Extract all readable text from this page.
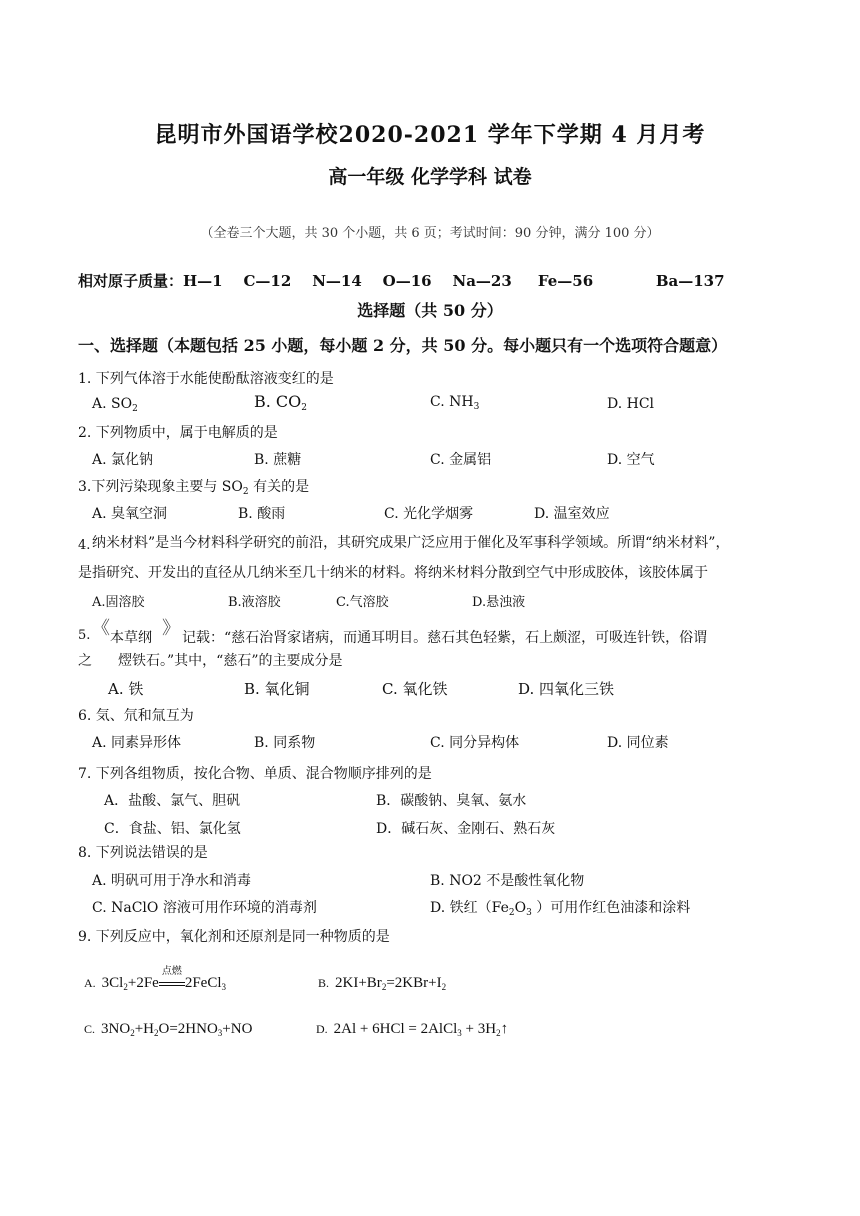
昆明市外国语学校2020-2021 学年下学期 4 月月考
高一年级 化学学科 试卷
（全卷三个大题，共 30 个小题，共 6 页；考试时间：90 分钟，满分 100 分）
相对原子质量：H—1    C—12    N—14    O—16    Na—23     Fe—56            Ba—137
选择题（共 50 分）
一、选择题（本题包括 25 小题，每小题 2 分，共 50 分。每小题只有一个选项符合题意）
1. 下列气体溶于水能使酚酞溶液变红的是
A. $SO_2$	B. $CO_2$	C. $NH_3$	D. HCl
2. 下列物质中，属于电解质的是
A. 氯化钠	B. 蔗糖	C. 金属铝	D. 空气
3.下列污染现象主要与 $SO_2$ 有关的是
A. 臭氧空洞	B. 酸雨	C. 光化学烟雾	D. 温室效应
4. 纳米材料”是当今材料科学研究的前沿，其研究成果广泛应用于催化及军事科学领域。所谓“纳米材料”，
是指研究、开发出的直径从几纳米至几十纳米的材料。将纳米材料分散到空气中形成胶体，该胶体属于
A.固溶胶	B.液溶胶	C.气溶胶	D.悬浊液
5. 《 本草纲 》 记载：“慈石治肾家诸病，而通耳明目。慈石其色轻紫，石上颇涩，可吸连针铁，俗谓
之 熤铁石。”其中，“慈石”的主要成分是
A. 铁	B. 氧化铜	C. 氧化铁	D. 四氧化三铁
6. 気、氘和氚互为
A. 同素异形体	B. 同系物	C. 同分异构体	D. 同位素
7. 下列各组物质，按化合物、单质、混合物顺序排列的是
A．盐酸、氯气、胆矾	B．碳酸钠、臭氧、氨水
C．食盐、铝、氯化氢	D．碱石灰、金刚石、熟石灰
8. 下列说法错误的是
A. 明矾可用于净水和消毒	B. NO2 不是酸性氧化物
C. NaClO 溶液可用作环境的消毒剂	D. 铁红（$Fe_2O_3$ ）可用作红色油漆和涂料
9. 下列反应中，氧化剂和还原剂是同一种物质的是
A. $3Cl_2+2Fe$
点燃
2FeCl$_3$	B. $2KI+Br_2=2KBr+I_2$
C. $3NO_2+H_2O=2HNO_3+NO$	D. 2Al + 6HCl = 2AlCl$_3$ + $3H_2↑$
